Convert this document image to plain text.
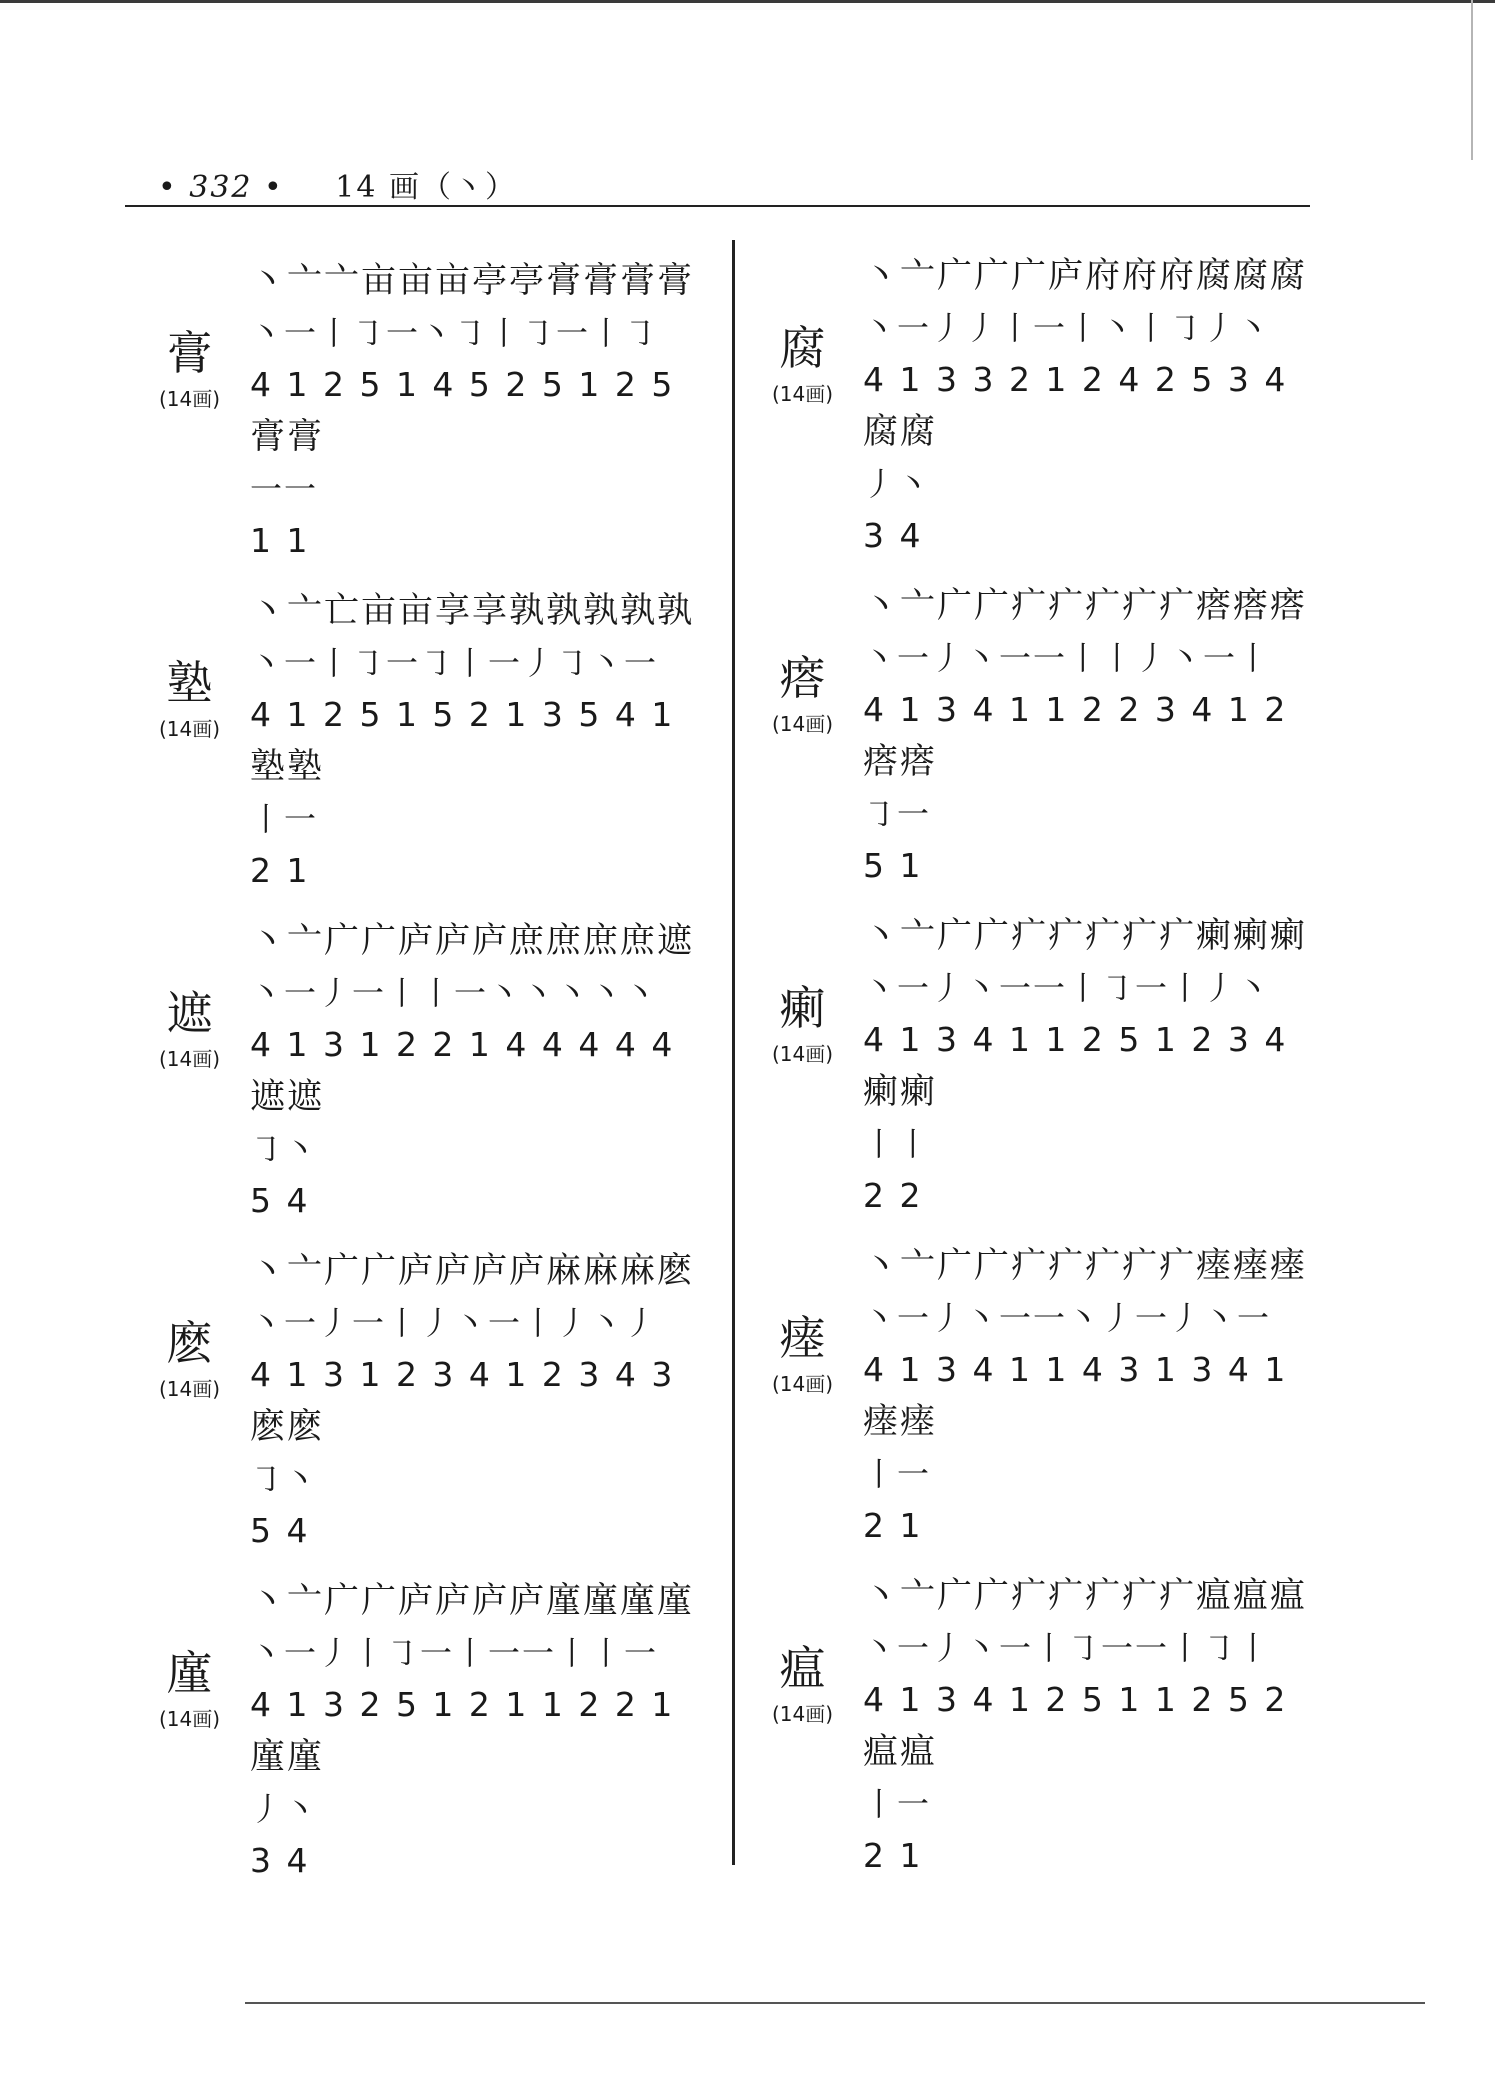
• 332 • 14 画（丶）
膏
(14画)
丶亠亠亩亩亩亭亭膏膏膏膏
丶一丨㇆一丶㇆丨㇆一丨㇆
4 1 2 5 1 4 5 2 5 1 2 5
膏膏
一一
1 1
塾
(14画)
丶亠亡亩亩享享孰孰孰孰孰
丶一丨㇆一㇆丨一丿㇆丶一
4 1 2 5 1 5 2 1 3 5 4 1
塾塾
丨一
2 1
遮
(14画)
丶亠广广庐庐庐庶庶庶庶遮
丶一丿一丨丨一丶丶丶丶丶
4 1 3 1 2 2 1 4 4 4 4 4
遮遮
㇆丶
5 4
麽
(14画)
丶亠广广庐庐庐庐麻麻麻麽
丶一丿一丨丿丶一丨丿丶丿
4 1 3 1 2 3 4 1 2 3 4 3
麽麽
㇆丶
5 4
廑
(14画)
丶亠广广庐庐庐庐廑廑廑廑
丶一丿丨㇆一丨一一丨丨一
4 1 3 2 5 1 2 1 1 2 2 1
廑廑
丿丶
3 4
腐
(14画)
丶亠广广广庐府府府腐腐腐
丶一丿丿丨一丨丶丨㇆丿丶
4 1 3 3 2 1 2 4 2 5 3 4
腐腐
丿丶
3 4
瘩
(14画)
丶亠广广疒疒疒疒疒瘩瘩瘩
丶一丿丶一一丨丨丿丶一丨
4 1 3 4 1 1 2 2 3 4 1 2
瘩瘩
㇆一
5 1
瘌
(14画)
丶亠广广疒疒疒疒疒瘌瘌瘌
丶一丿丶一一丨㇆一丨丿丶
4 1 3 4 1 1 2 5 1 2 3 4
瘌瘌
丨丨
2 2
瘗
(14画)
丶亠广广疒疒疒疒疒瘗瘗瘗
丶一丿丶一一丶丿一丿丶一
4 1 3 4 1 1 4 3 1 3 4 1
瘗瘗
丨一
2 1
瘟
(14画)
丶亠广广疒疒疒疒疒瘟瘟瘟
丶一丿丶一丨㇆一一丨㇆丨
4 1 3 4 1 2 5 1 1 2 5 2
瘟瘟
丨一
2 1
